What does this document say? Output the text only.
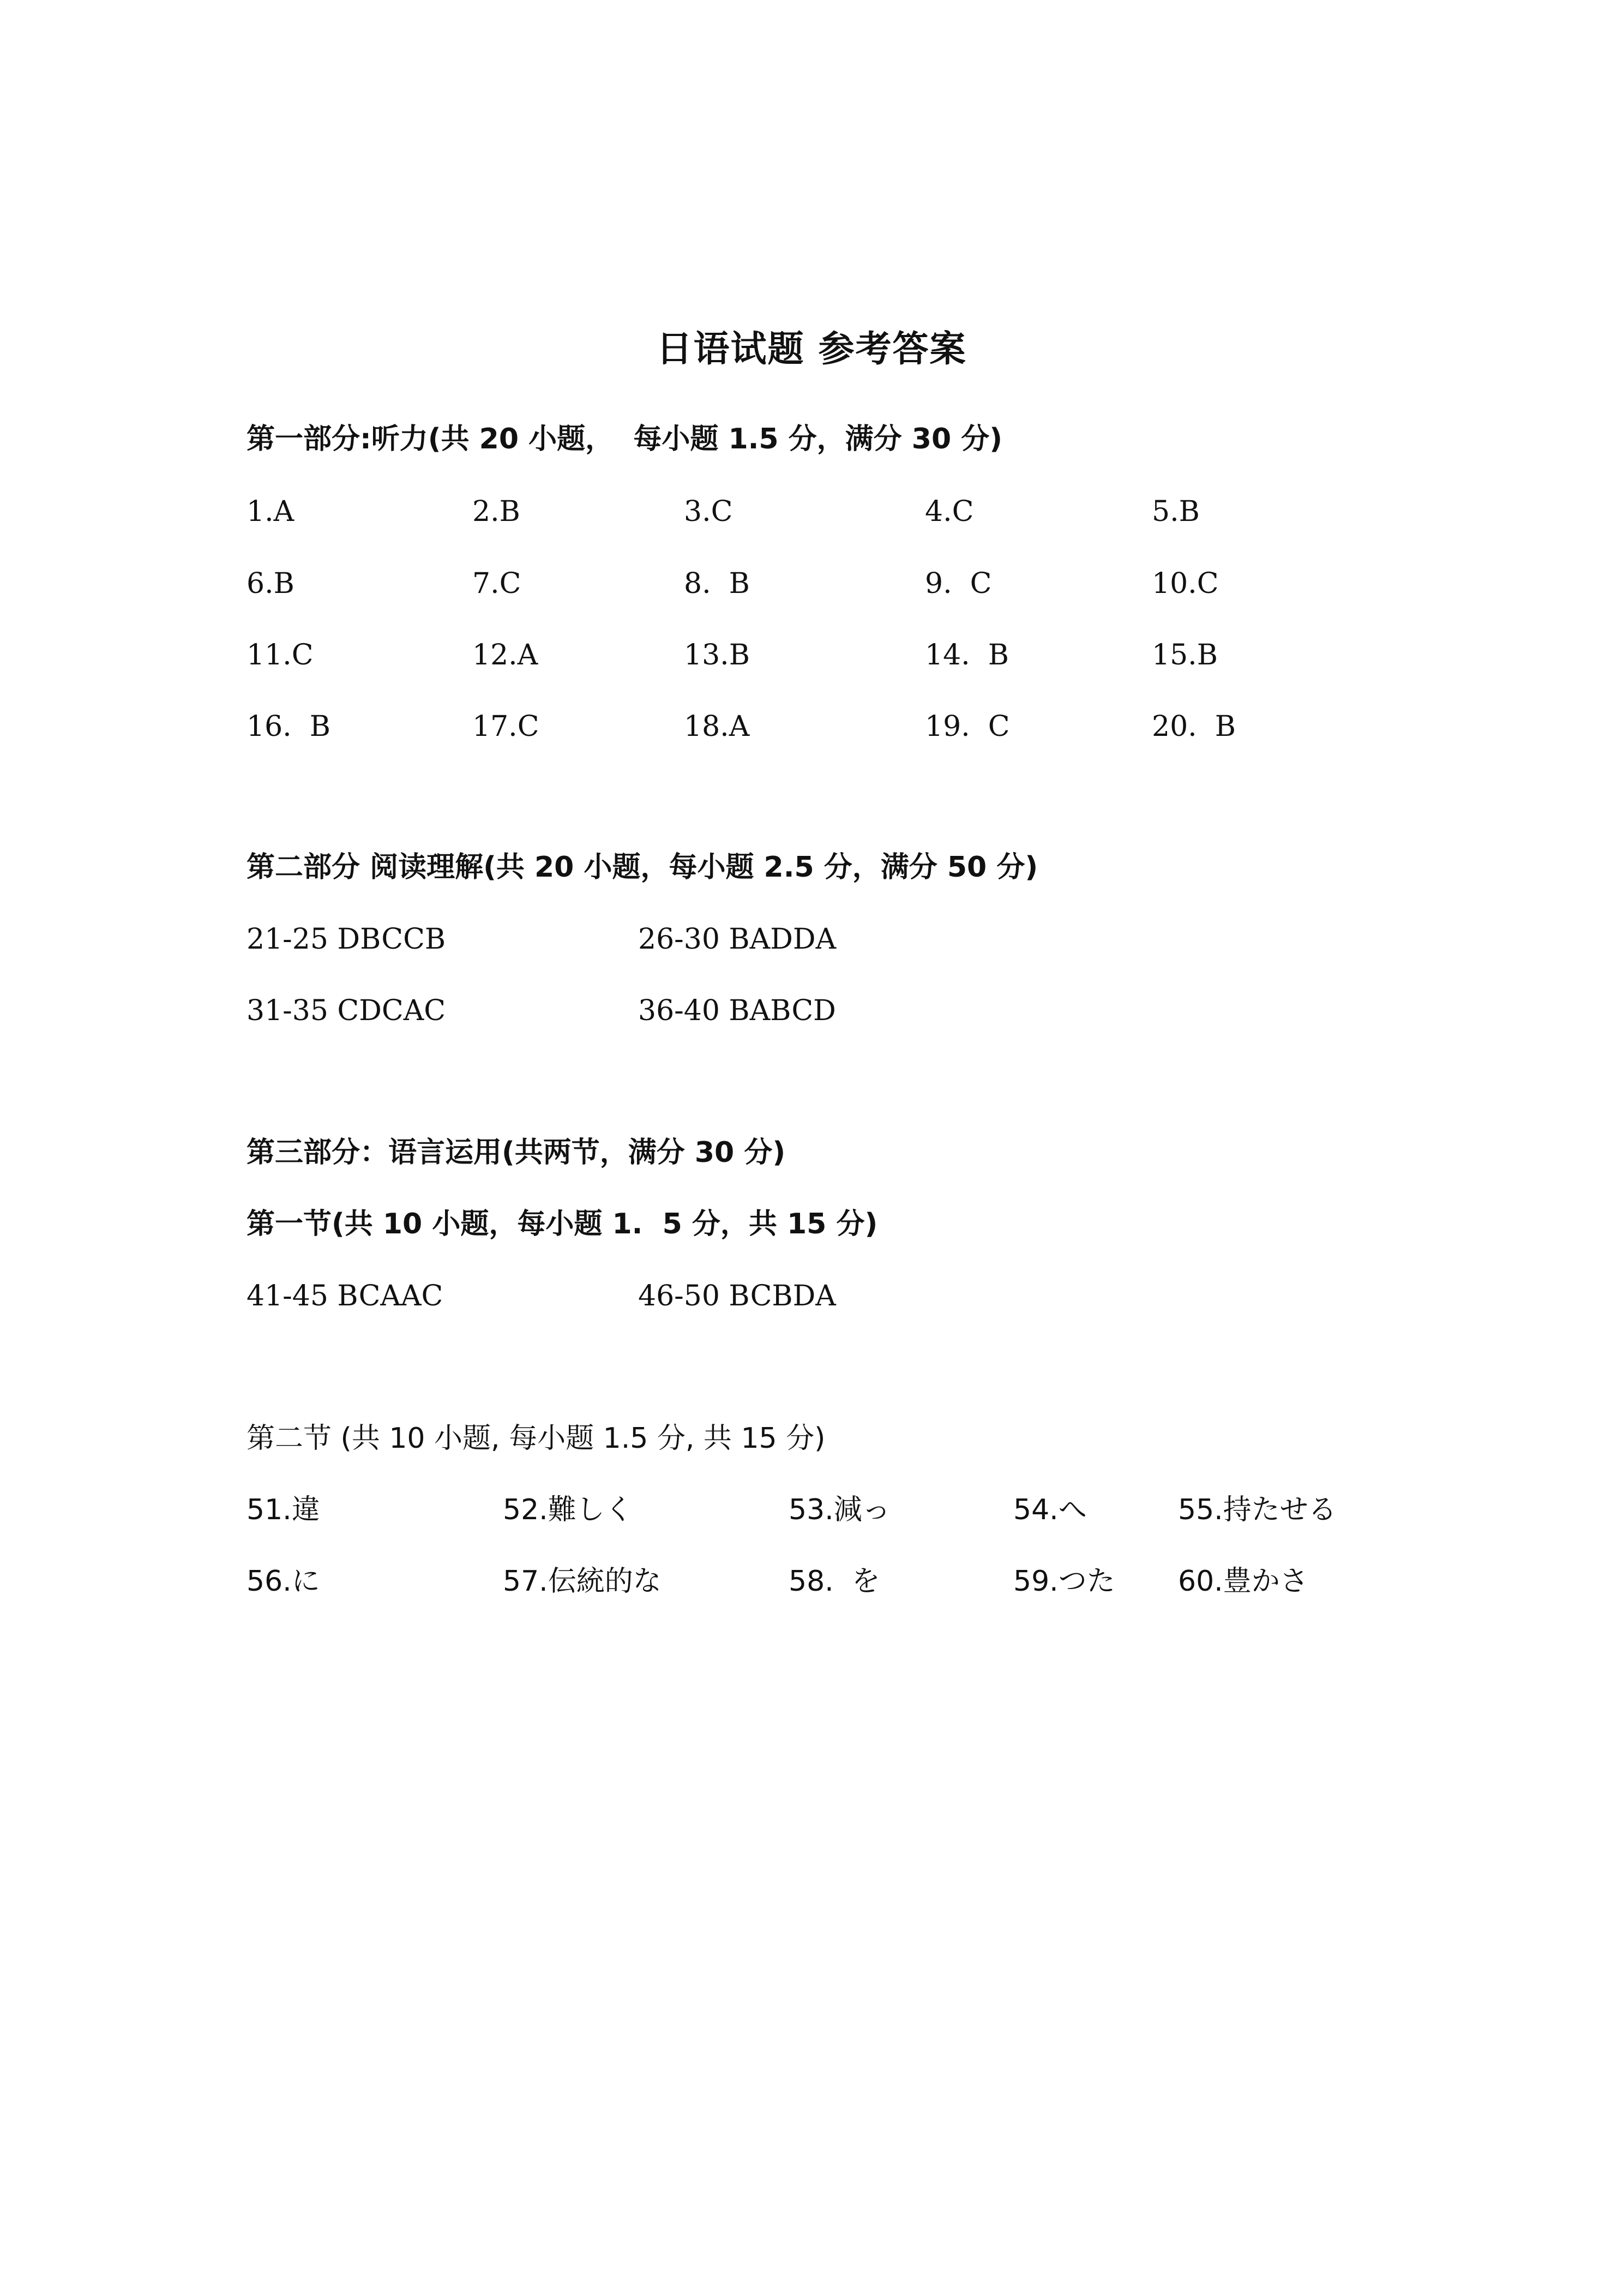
日语试题 参考答案
第一部分:听力(共 20 小题，  每小题 1.5 分，满分 30 分)
1.A	2.B	3.C	4.C	5.B
6.B	7.C	8.  B	9.  C	10.C
11.C	12.A	13.B	14.  B	15.B
16.  B	17.C	18.A	19.  C	20.  B
第二部分 阅读理解(共 20 小题，每小题 2.5 分，满分 50 分)
21-25 DBCCB	26-30 BADDA
31-35 CDCAC	36-40 BABCD
第三部分：语言运用(共两节，满分 30 分)
第一节(共 10 小题，每小题 1.  5 分，共 15 分)
41-45 BCAAC	46-50 BCBDA
第二节 (共 10 小题, 每小题 1.5 分, 共 15 分)
51.違	52.難しく	53.減っ	54.へ	55.持たせる
56.に	57.伝統的な	58.  を	59.つた 60.豊かさ
